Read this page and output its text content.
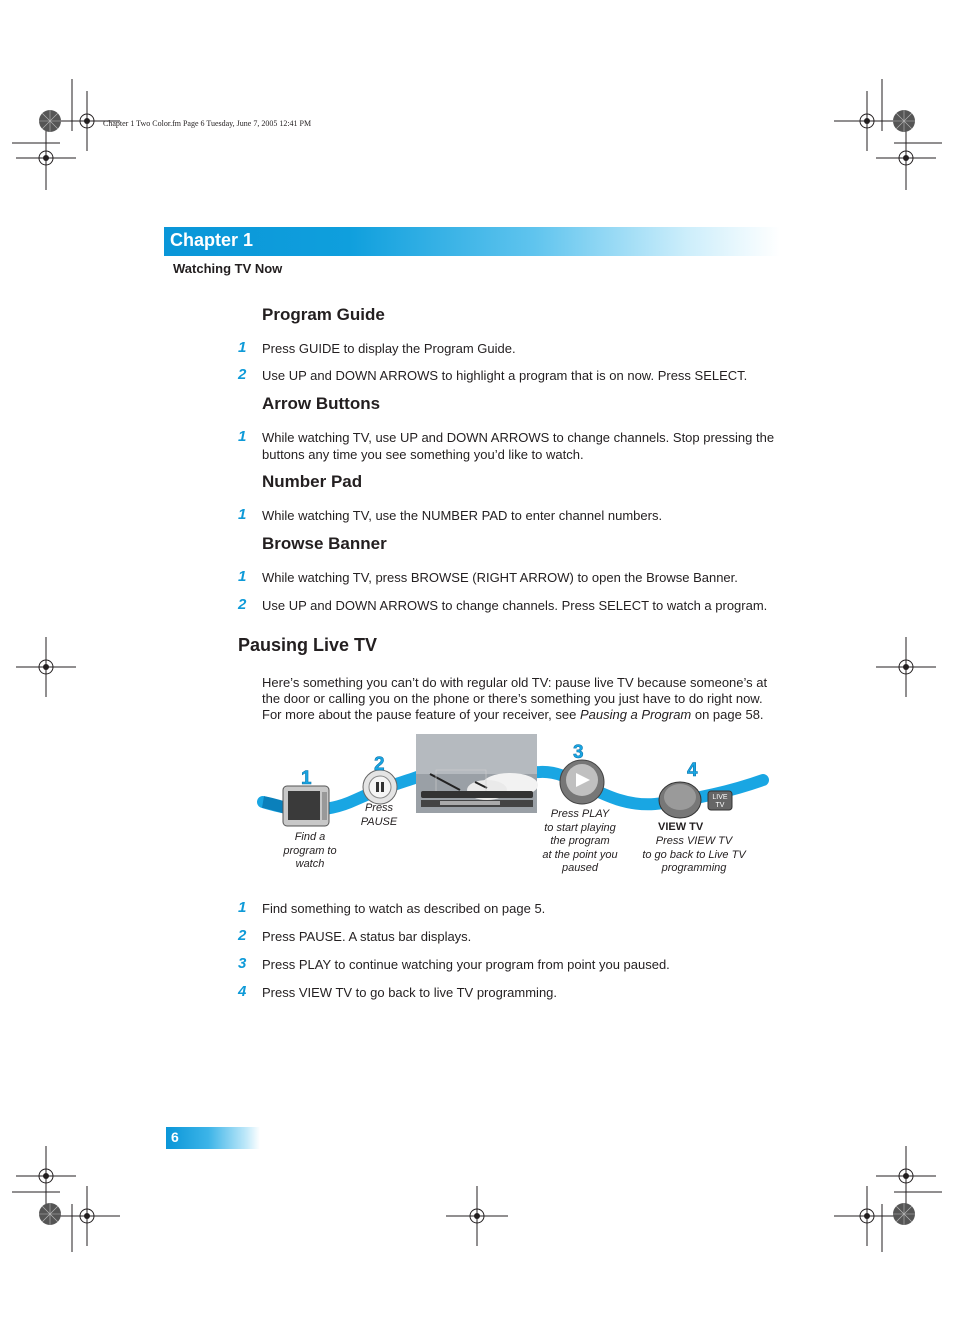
Chapter 1 Two Color.fm Page 6 Tuesday, June 7, 2005 12:41 PM
Chapter 1
Watching TV Now
Program Guide
1	Press GUIDE to display the Program Guide.
2	Use UP and DOWN ARROWS to highlight a program that is on now. Press SELECT.
Arrow Buttons
1	While watching TV, use UP and DOWN ARROWS to change channels. Stop pressing the
buttons any time you see something you’d like to watch.
Number Pad
1	While watching TV, use the NUMBER PAD to enter channel numbers.
Browse Banner
1	While watching TV, press BROWSE (RIGHT ARROW) to open the Browse Banner.
2	Use UP and DOWN ARROWS to change channels. Press SELECT to watch a program.
Pausing Live TV
Here’s something you can’t do with regular old TV: pause live TV because someone’s at
the door or calling you on the phone or there’s something you just have to do right now.
For more about the pause feature of your receiver, see Pausing a Program on page 58.
1
2
3
4
LIVE
TV
Find a
program to
watch
Press
PAUSE
Press PLAY
to start playing
the program
at the point you
paused
VIEW TV
Press VIEW TV
to go back to Live TV
programming
1	Find something to watch as described on page 5.
2	Press PAUSE. A status bar displays.
3	Press PLAY to continue watching your program from point you paused.
4	Press VIEW TV to go back to live TV programming.
6
